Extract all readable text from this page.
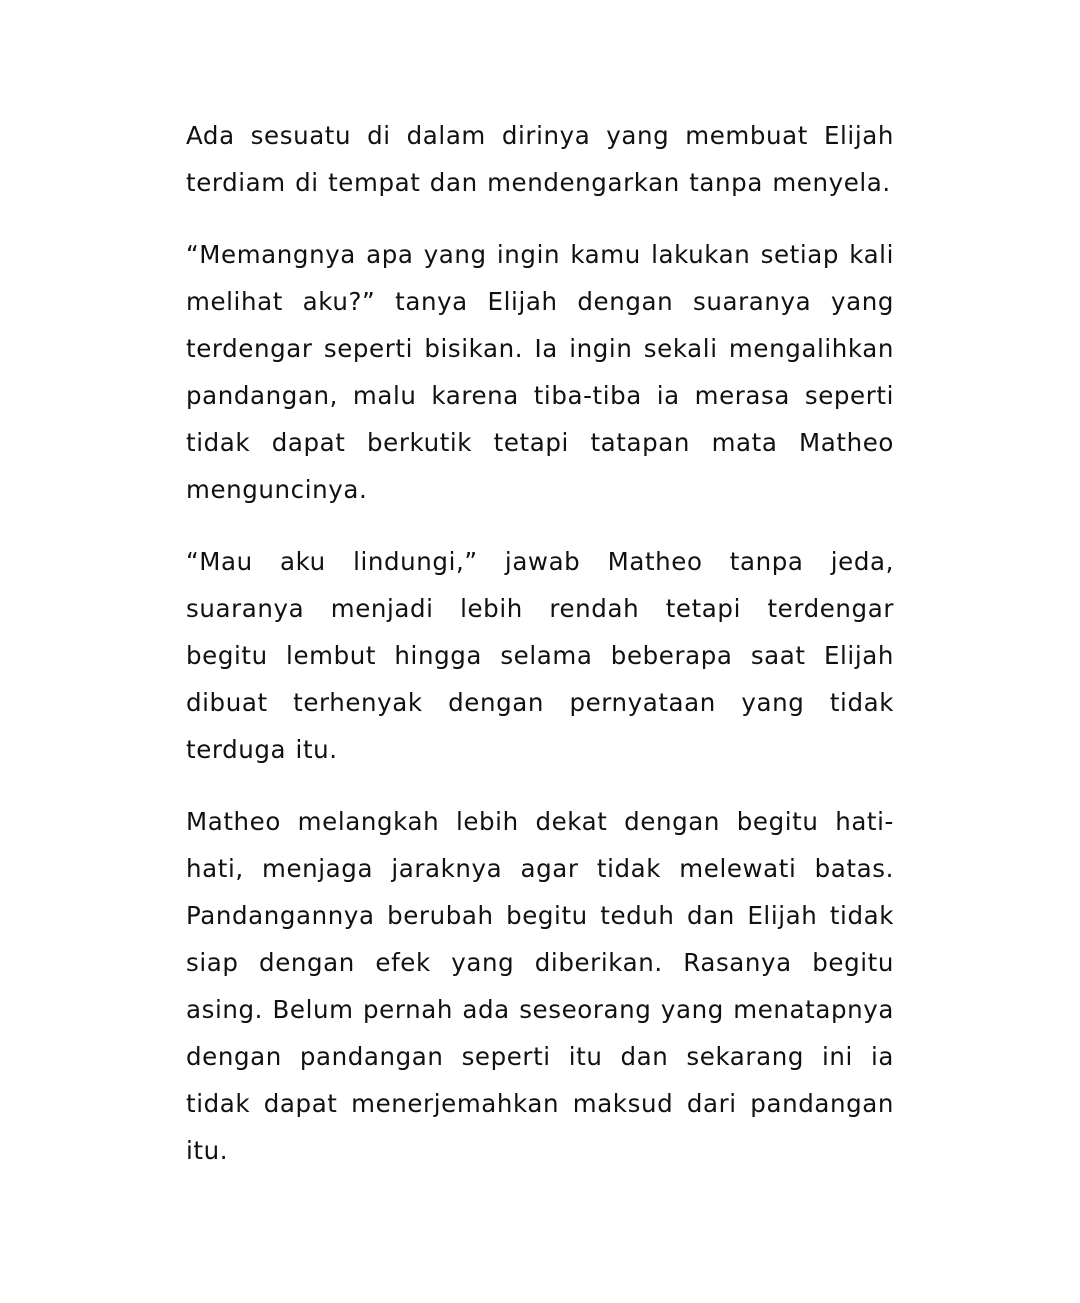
Ada sesuatu di dalam dirinya yang membuat Elijah terdiam di tempat dan mendengarkan tanpa menyela.

“Memangnya apa yang ingin kamu lakukan setiap kali melihat aku?” tanya Elijah dengan suaranya yang terdengar seperti bisikan. Ia ingin sekali mengalihkan pandangan, malu karena tiba-tiba ia merasa seperti tidak dapat berkutik tetapi tatapan mata Matheo menguncinya.

“Mau aku lindungi,” jawab Matheo tanpa jeda, suaranya menjadi lebih rendah tetapi terdengar begitu lembut hingga selama beberapa saat Elijah dibuat terhenyak dengan pernyataan yang tidak terduga itu.

Matheo melangkah lebih dekat dengan begitu hati-hati, menjaga jaraknya agar tidak melewati batas. Pandangannya berubah begitu teduh dan Elijah tidak siap dengan efek yang diberikan. Rasanya begitu asing. Belum pernah ada seseorang yang menatapnya dengan pandangan seperti itu dan sekarang ini ia tidak dapat menerjemahkan maksud dari pandangan itu.
